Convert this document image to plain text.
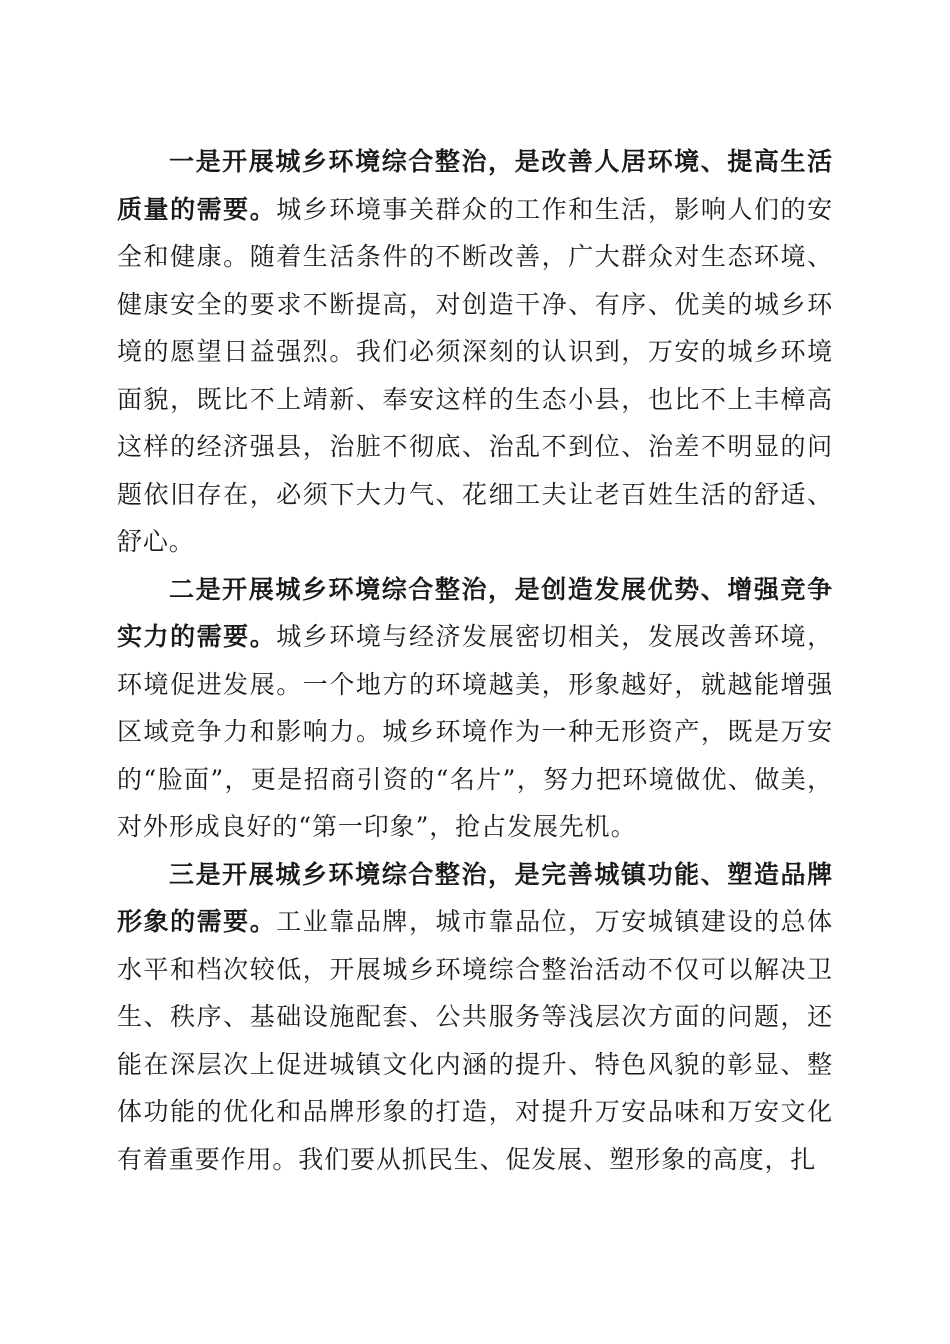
一是开展城乡环境综合整治，是改善人居环境、提高生活质量的需要。城乡环境事关群众的工作和生活，影响人们的安全和健康。随着生活条件的不断改善，广大群众对生态环境、健康安全的要求不断提高，对创造干净、有序、优美的城乡环境的愿望日益强烈。我们必须深刻的认识到，万安的城乡环境面貌，既比不上靖新、奉安这样的生态小县，也比不上丰樟高这样的经济强县，治脏不彻底、治乱不到位、治差不明显的问题依旧存在，必须下大力气、花细工夫让老百姓生活的舒适、舒心。

二是开展城乡环境综合整治，是创造发展优势、增强竞争实力的需要。城乡环境与经济发展密切相关，发展改善环境，环境促进发展。一个地方的环境越美，形象越好，就越能增强区域竞争力和影响力。城乡环境作为一种无形资产，既是万安的“脸面”，更是招商引资的“名片”，努力把环境做优、做美，对外形成良好的“第一印象”，抢占发展先机。

三是开展城乡环境综合整治，是完善城镇功能、塑造品牌形象的需要。工业靠品牌，城市靠品位，万安城镇建设的总体水平和档次较低，开展城乡环境综合整治活动不仅可以解决卫生、秩序、基础设施配套、公共服务等浅层次方面的问题，还能在深层次上促进城镇文化内涵的提升、特色风貌的彰显、整体功能的优化和品牌形象的打造，对提升万安品味和万安文化有着重要作用。我们要从抓民生、促发展、塑形象的高度，扎
